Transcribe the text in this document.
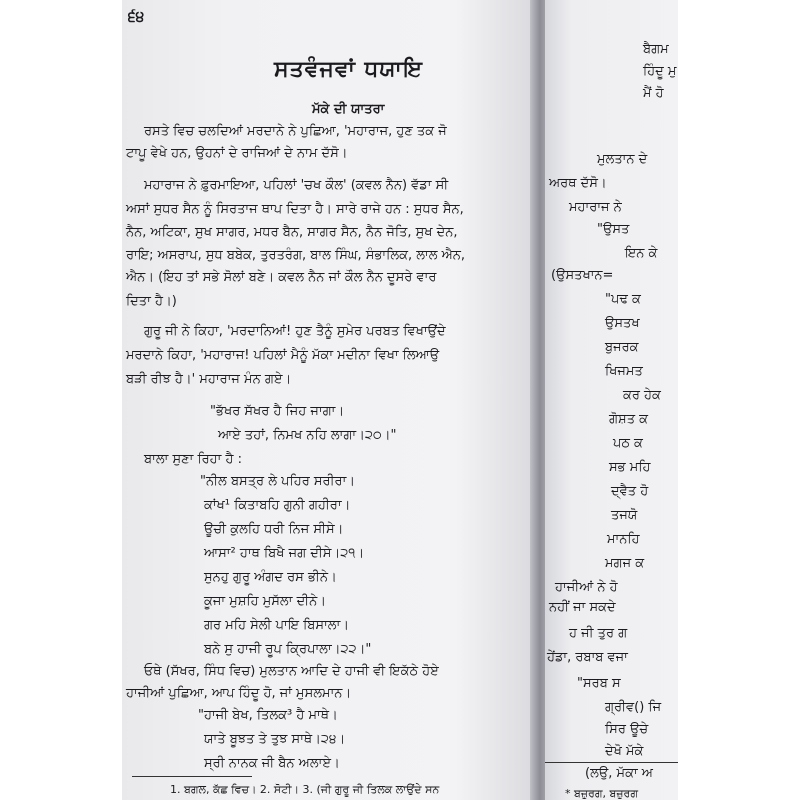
੬੪
ਸਤਵੰਜਵਾਂ ਧਯਾਇ
ਮੱਕੇ ਦੀ ਯਾਤਰਾ
ਰਸਤੇ ਵਿਚ ਚਲਦਿਆਂ ਮਰਦਾਨੇ ਨੇ ਪੁਛਿਆ, 'ਮਹਾਰਾਜ, ਹੁਣ ਤਕ ਜੋ
ਟਾਪੂ ਵੇਖੇ ਹਨ, ਉਹਨਾਂ ਦੇ ਰਾਜਿਆਂ ਦੇ ਨਾਮ ਦੱਸੋ।
ਮਹਾਰਾਜ ਨੇ ਫ਼ੁਰਮਾਇਆ, ਪਹਿਲਾਂ 'ਚਖ ਕੌਲ' (ਕਵਲ ਨੈਨ) ਵੱਡਾ ਸੀ
ਅਸਾਂ ਸੁਧਰ ਸੈਨ ਨੂੰ ਸਿਰਤਾਜ ਥਾਪ ਦਿਤਾ ਹੈ। ਸਾਰੇ ਰਾਜੇ ਹਨ : ਸੁਧਰ ਸੈਨ,
ਨੈਨ, ਅਟਿਕਾ, ਸੁਖ ਸਾਗਰ, ਮਧਰ ਬੈਨ, ਸਾਗਰ ਸੈਨ, ਨੈਨ ਜੋਤਿ, ਸੁਖ ਦੇਨ,
ਰਾਇ; ਅਸਰਾਪ, ਸੁਧ ਬਬੇਕ, ਤੁਰਤਰੰਗ, ਬਾਲ ਸਿੰਘ, ਸੰਭਾਲਿਕ, ਲਾਲ ਐਨ,
ਐਨ। (ਇਹ ਤਾਂ ਸਭੇ ਸੋਲਾਂ ਬਣੇ। ਕਵਲ ਨੈਨ ਜਾਂ ਕੌਲ ਨੈਨ ਦੂਸਰੇ ਵਾਰ
ਦਿਤਾ ਹੈ।)
ਗੁਰੂ ਜੀ ਨੇ ਕਿਹਾ, 'ਮਰਦਾਨਿਆਂ! ਹੁਣ ਤੈਨੂੰ ਸੁਮੇਰ ਪਰਬਤ ਵਿਖਾਉਂਦੇ
ਮਰਦਾਨੇ ਕਿਹਾ, 'ਮਹਾਰਾਜ! ਪਹਿਲਾਂ ਮੈਨੂੰ ਮੱਕਾ ਮਦੀਨਾ ਵਿਖਾ ਲਿਆਉ
ਬੜੀ ਰੀਝ ਹੈ।' ਮਹਾਰਾਜ ਮੰਨ ਗਏ।
"ਭੱਖਰ ਸੱਖਰ ਹੈ ਜਿਹ ਜਾਗਾ।
ਆਏ ਤਹਾਂ, ਨਿਮਖ ਨਹਿ ਲਾਗਾ।੨੦।"
ਬਾਲਾ ਸੁਣਾ ਰਿਹਾ ਹੈ :
"ਨੀਲ ਬਸਤ੍ਰ ਲੇ ਪਹਿਰ ਸਰੀਰਾ।
ਕਾਂਖ¹ ਕਿਤਾਬਹਿ ਗੁਨੀ ਗਹੀਰਾ।
ਊਚੀ ਕੁਲਹਿ ਧਰੀ ਨਿਜ ਸੀਸੇ।
ਆਸਾ² ਹਾਥ ਬਿਖੈ ਜਗ ਦੀਸੇ।੨੧।
ਸੁਨਹੁ ਗੁਰੂ ਅੰਗਦ ਰਸ ਭੀਨੇ।
ਕੂਜਾ ਮੁਸ਼ਹਿ ਮੁਸੱਲਾ ਦੀਨੇ।
ਗਰ ਮਹਿ ਸੇਲੀ ਪਾਇ ਬਿਸਾਲਾ।
ਬਨੇ ਸੁ ਹਾਜੀ ਰੂਪ ਕ੍ਰਿਪਾਲਾ।੨੨।"
ਓਥੇ (ਸੱਖਰ, ਸਿੰਧ ਵਿਚ) ਮੁਲਤਾਨ ਆਦਿ ਦੇ ਹਾਜੀ ਵੀ ਇਕੱਠੇ ਹੋਏ
ਹਾਜੀਆਂ ਪੁਛਿਆ, ਆਪ ਹਿੰਦੂ ਹੋ, ਜਾਂ ਮੁਸਲਮਾਨ।
"ਹਾਜੀ ਬੇਖ, ਤਿਲਕ³ ਹੈ ਮਾਥੇ।
ਯਾਤੇ ਬੂਝਤ ਤੇ ਤੁਝ ਸਾਥੇ।੨੪।
ਸ੍ਰੀ ਨਾਨਕ ਜੀ ਬੈਨ ਅਲਾਏ।
1. ਬਗਲ, ਕੱਛ ਵਿਚ। 2. ਸੋਟੀ। 3. (ਜੀ ਗੁਰੂ ਜੀ ਤਿਲਕ ਲਾਉਂਦੇ ਸਨ
ਬੈਗਮ
ਹਿੰਦੂ ਮੁ
ਮੈਂ ਹੋ
ਮੁਲਤਾਨ ਦੇ
ਅਰਥ ਦੱਸੋ।
ਮਹਾਰਾਜ ਨੇ
"ਉਸਤ
ਇਨ ਕੇ
(ਉਸਤਖਾਨ=
"ਪਢ ਕ
ਉਸਤਖ
ਬੁਜਰਕ
ਖਿਜਮਤ
ਕਰ ਹੇਕ
ਗੋਸ਼ਤ ਕ
ਪਠ ਕ
ਸਭ ਮਹਿ
ਦ੍ਵੈਤ ਹੋ
ਤਜਯੋ
ਮਾਨਹਿ
ਮਗਜ ਕ
ਹਾਜੀਆਂ ਨੇ ਹੋ
ਨਹੀਂ ਜਾ ਸਕਦੇ
ਹ ਜੀ ਤੁਰ ਗ
ਹੇਂਡਾ, ਰਬਾਬ ਵਜਾ
"ਸਰਬ ਸ
ਗ੍ਰੀਵ() ਜਿ
ਸਿਰ ਊਚੇ
ਦੇਖੋ ਮੱਕੇ
(ਲਉ, ਮੱਕਾ ਅ
* ਬਜ਼ੁਰਗ, ਬਜ਼ੁਰਗ
